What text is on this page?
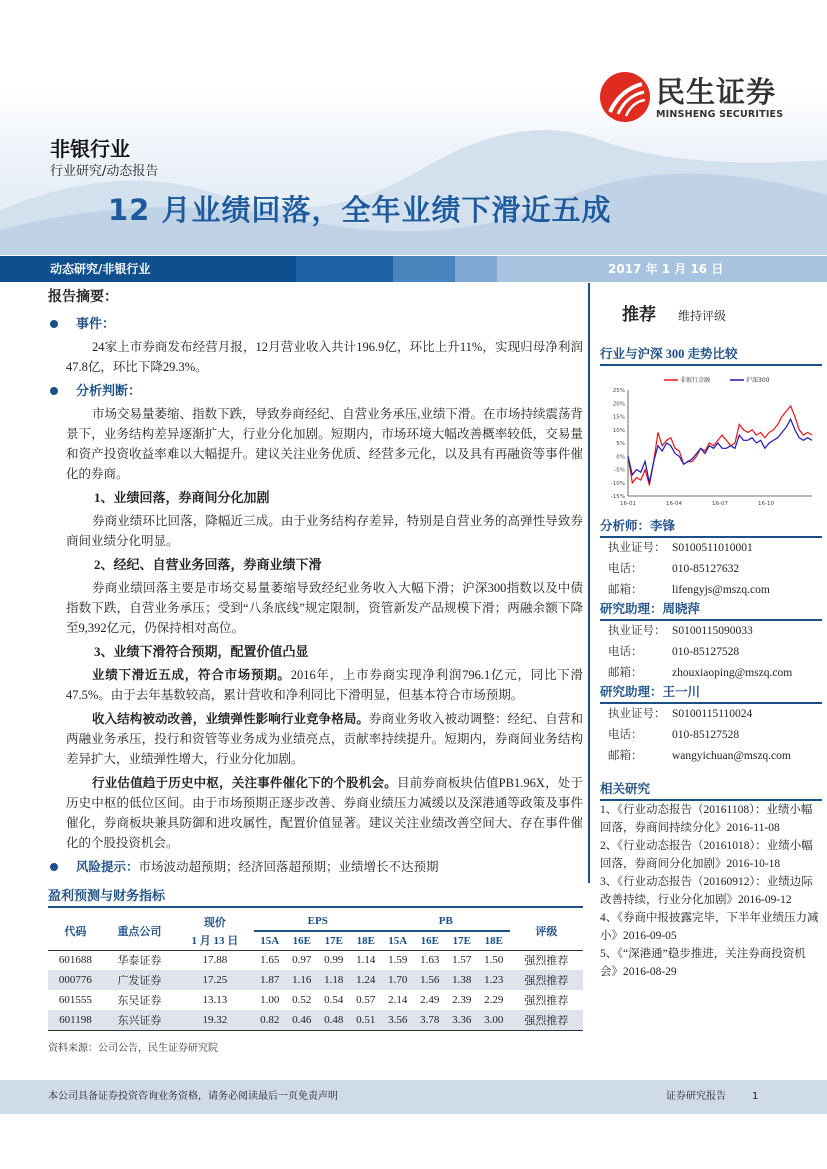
民生证券
MINSHENG SECURITIES
非银行业
行业研究/动态报告
12 月业绩回落，全年业绩下滑近五成
动态研究/非银行业	2017 年 1 月 16 日
报告摘要：
事件：
24家上市券商发布经营月报，12月营业收入共计196.9亿，环比上升11%，实现归母净利润47.8亿，环比下降29.3%。
分析判断：
市场交易量萎缩、指数下跌，导致券商经纪、自营业务承压,业绩下滑。在市场持续震荡背景下，业务结构差异逐渐扩大，行业分化加剧。短期内，市场环境大幅改善概率较低，交易量和资产投资收益率难以大幅提升。建议关注业务优质、经营多元化，以及具有再融资等事件催化的券商。
1、业绩回落，券商间分化加剧
券商业绩环比回落，降幅近三成。由于业务结构存差异，特别是自营业务的高弹性导致券商间业绩分化明显。
2、经纪、自营业务回落，券商业绩下滑
券商业绩回落主要是市场交易量萎缩导致经纪业务收入大幅下滑；沪深300指数以及中债指数下跌，自营业务承压；受到“八条底线”规定限制，资管新发产品规模下滑；两融余额下降至9,392亿元，仍保持相对高位。
3、业绩下滑符合预期，配置价值凸显
业绩下滑近五成，符合市场预期。2016年，上市券商实现净利润796.1亿元，同比下滑47.5%。由于去年基数较高，累计营收和净利同比下滑明显，但基本符合市场预期。
收入结构被动改善，业绩弹性影响行业竞争格局。券商业务收入被动调整：经纪、自营和两融业务承压，投行和资管等业务成为业绩亮点，贡献率持续提升。短期内，券商间业务结构差异扩大，业绩弹性增大，行业分化加剧。
行业估值趋于历史中枢，关注事件催化下的个股机会。目前券商板块估值PB1.96X，处于历史中枢的低位区间。由于市场预期正逐步改善、券商业绩压力减缓以及深港通等政策及事件催化，券商板块兼具防御和进攻属性，配置价值显著。建议关注业绩改善空间大、存在事件催化的个股投资机会。
风险提示： 市场波动超预期；经济回落超预期；业绩增长不达预期
盈利预测与财务指标
代码	重点公司	现价	EPS				PB				评级
		1 月 13 日	15A	16E	17E	18E	15A	16E	17E	18E	
601688	华泰证券	17.88	1.65	0.97	0.99	1.14	1.59	1.63	1.57	1.50	强烈推荐
000776	广发证券	17.25	1.87	1.16	1.18	1.24	1.70	1.56	1.38	1.23	强烈推荐
601555	东吴证券	13.13	1.00	0.52	0.54	0.57	2.14	2.49	2.39	2.29	强烈推荐
601198	东兴证券	19.32	0.82	0.46	0.48	0.51	3.56	3.78	3.36	3.00	强烈推荐
资料来源：公司公告，民生证券研究院
推荐 维持评级
行业与沪深 300 走势比较
25%
20%
15%
10%
5%
0%
-5%
-10%
-15%
16-01	16-04	16-07	16-10
非银行金融	沪深300
分析师：李锋
执业证号： S0100511010001
电话：	010-85127632
邮箱：	lifengyjs@mszq.com
研究助理：周晓萍
执业证号： S0100115090033
电话：	010-85127528
邮箱：	zhouxiaoping@mszq.com
研究助理：王一川
执业证号： S0100115110024
电话：	010-85127528
邮箱：	wangyichuan@mszq.com
相关研究
1、《行业动态报告（20161108）：业绩小幅回落，券商间持续分化》2016-11-08
2、《行业动态报告（20161018）：业绩小幅回落，券商间分化加剧》2016-10-18
3、《行业动态报告（20160912）：业绩边际改善持续，行业分化加剧》2016-09-12
4、《券商中报披露完毕，下半年业绩压力减小》2016-09-05
5、《“深港通”稳步推进，关注券商投资机会》2016-08-29
本公司具备证券投资咨询业务资格，请务必阅读最后一页免责声明	证券研究报告	1
